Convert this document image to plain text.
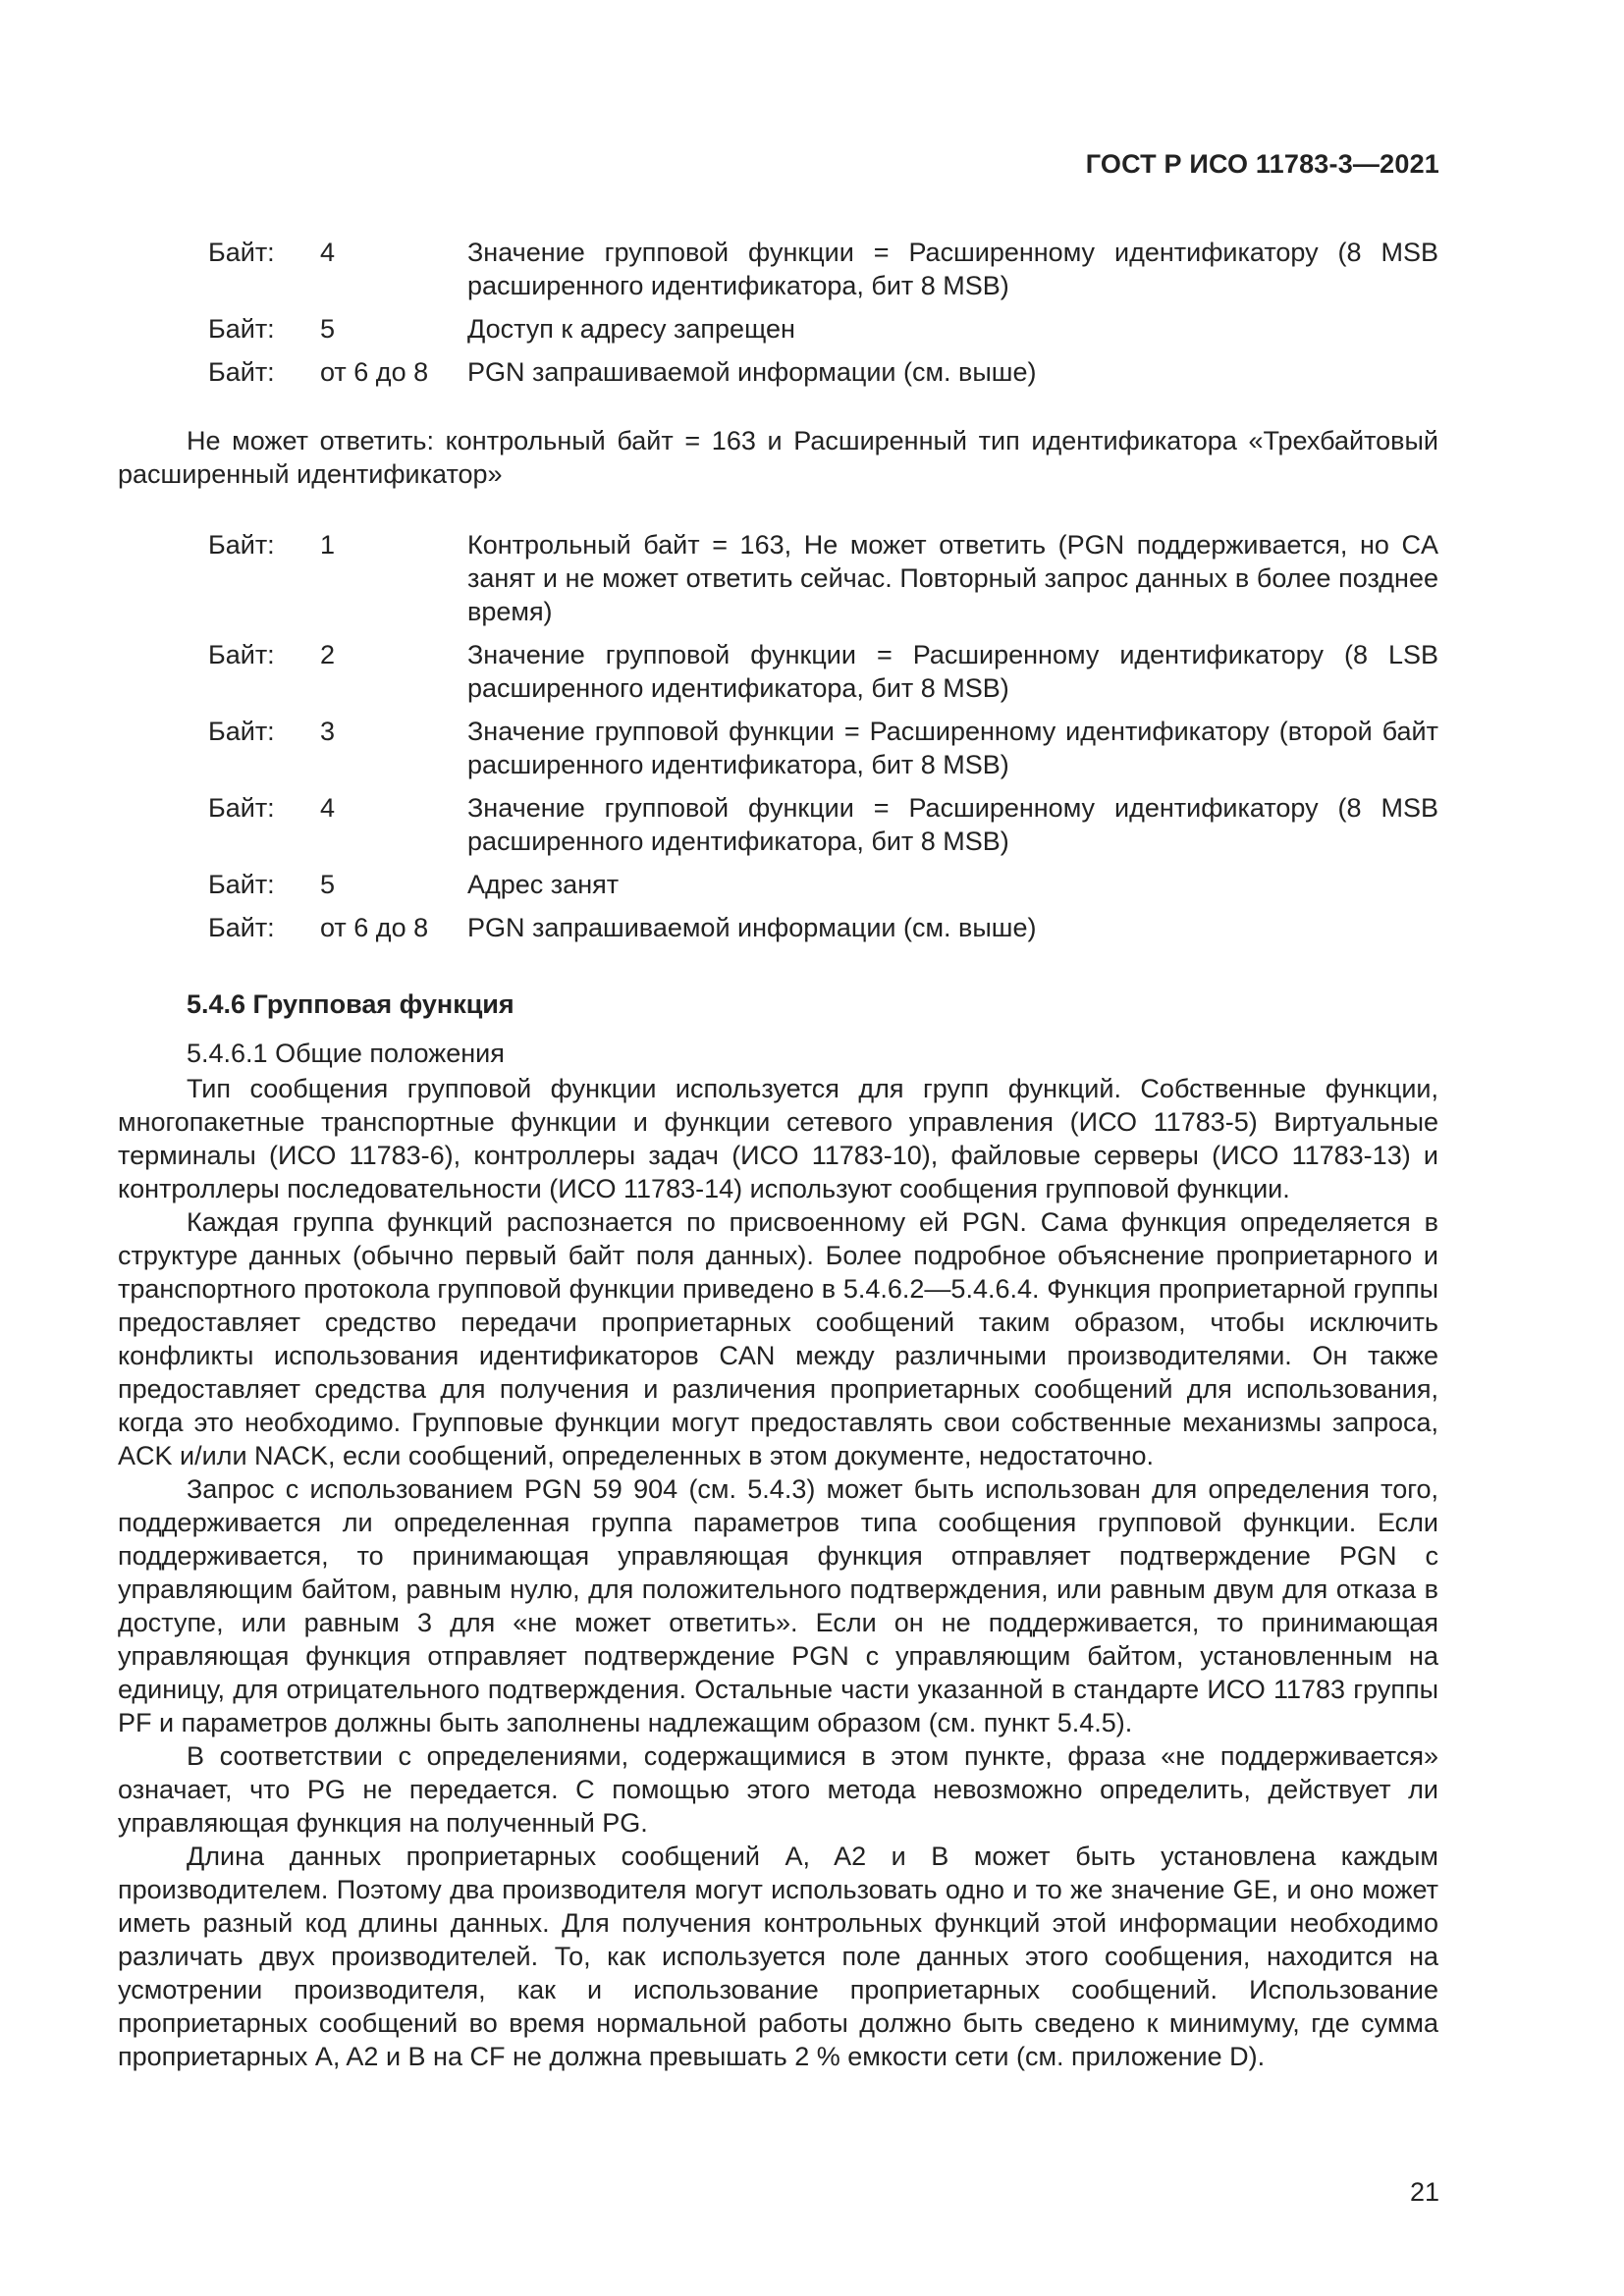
ГОСТ Р ИСО 11783-3—2021
Байт:	4	Значение групповой функции = Расширенному идентификатору (8 MSB расширенного идентификатора, бит 8 MSB)
Байт:	5	Доступ к адресу запрещен
Байт:	от 6 до 8	PGN запрашиваемой информации (см. выше)
Не может ответить: контрольный байт = 163 и Расширенный тип идентификатора «Трехбайтовый расширенный идентификатор»
Байт:	1	Контрольный байт = 163, Не может ответить (PGN поддерживается, но CA занят и не может ответить сейчас. Повторный запрос данных в более позднее время)
Байт:	2	Значение групповой функции = Расширенному идентификатору (8 LSB расширенного идентификатора, бит 8 MSB)
Байт:	3	Значение групповой функции = Расширенному идентификатору (второй байт расширенного идентификатора, бит 8 MSB)
Байт:	4	Значение групповой функции = Расширенному идентификатору (8 MSB расширенного идентификатора, бит 8 MSB)
Байт:	5	Адрес занят
Байт:	от 6 до 8	PGN запрашиваемой информации (см. выше)
5.4.6 Групповая функция
5.4.6.1 Общие положения

Тип сообщения групповой функции используется для групп функций. Собственные функции, многопакетные транспортные функции и функции сетевого управления (ИСО 11783-5) Виртуальные терминалы (ИСО 11783-6), контроллеры задач (ИСО 11783-10), файловые серверы (ИСО 11783-13) и контроллеры последовательности (ИСО 11783-14) используют сообщения групповой функции.

Каждая группа функций распознается по присвоенному ей PGN. Сама функция определяется в структуре данных (обычно первый байт поля данных). Более подробное объяснение проприетарного и транспортного протокола групповой функции приведено в 5.4.6.2—5.4.6.4. Функция проприетарной группы предоставляет средство передачи проприетарных сообщений таким образом, чтобы исключить конфликты использования идентификаторов CAN между различными производителями. Он также предоставляет средства для получения и различения проприетарных сообщений для использования, когда это необходимо. Групповые функции могут предоставлять свои собственные механизмы запроса, ACK и/или NACK, если сообщений, определенных в этом документе, недостаточно.

Запрос с использованием PGN 59 904 (см. 5.4.3) может быть использован для определения того, поддерживается ли определенная группа параметров типа сообщения групповой функции. Если поддерживается, то принимающая управляющая функция отправляет подтверждение PGN с управляющим байтом, равным нулю, для положительного подтверждения, или равным двум для отказа в доступе, или равным 3 для «не может ответить». Если он не поддерживается, то принимающая управляющая функция отправляет подтверждение PGN с управляющим байтом, установленным на единицу, для отрицательного подтверждения. Остальные части указанной в стандарте ИСО 11783 группы PF и параметров должны быть заполнены надлежащим образом (см. пункт 5.4.5).

В соответствии с определениями, содержащимися в этом пункте, фраза «не поддерживается» означает, что PG не передается. С помощью этого метода невозможно определить, действует ли управляющая функция на полученный PG.

Длина данных проприетарных сообщений A, A2 и B может быть установлена каждым производителем. Поэтому два производителя могут использовать одно и то же значение GE, и оно может иметь разный код длины данных. Для получения контрольных функций этой информации необходимо различать двух производителей. То, как используется поле данных этого сообщения, находится на усмотрении производителя, как и использование проприетарных сообщений. Использование проприетарных сообщений во время нормальной работы должно быть сведено к минимуму, где сумма проприетарных A, A2 и B на CF не должна превышать 2 % емкости сети (см. приложение D).

21
